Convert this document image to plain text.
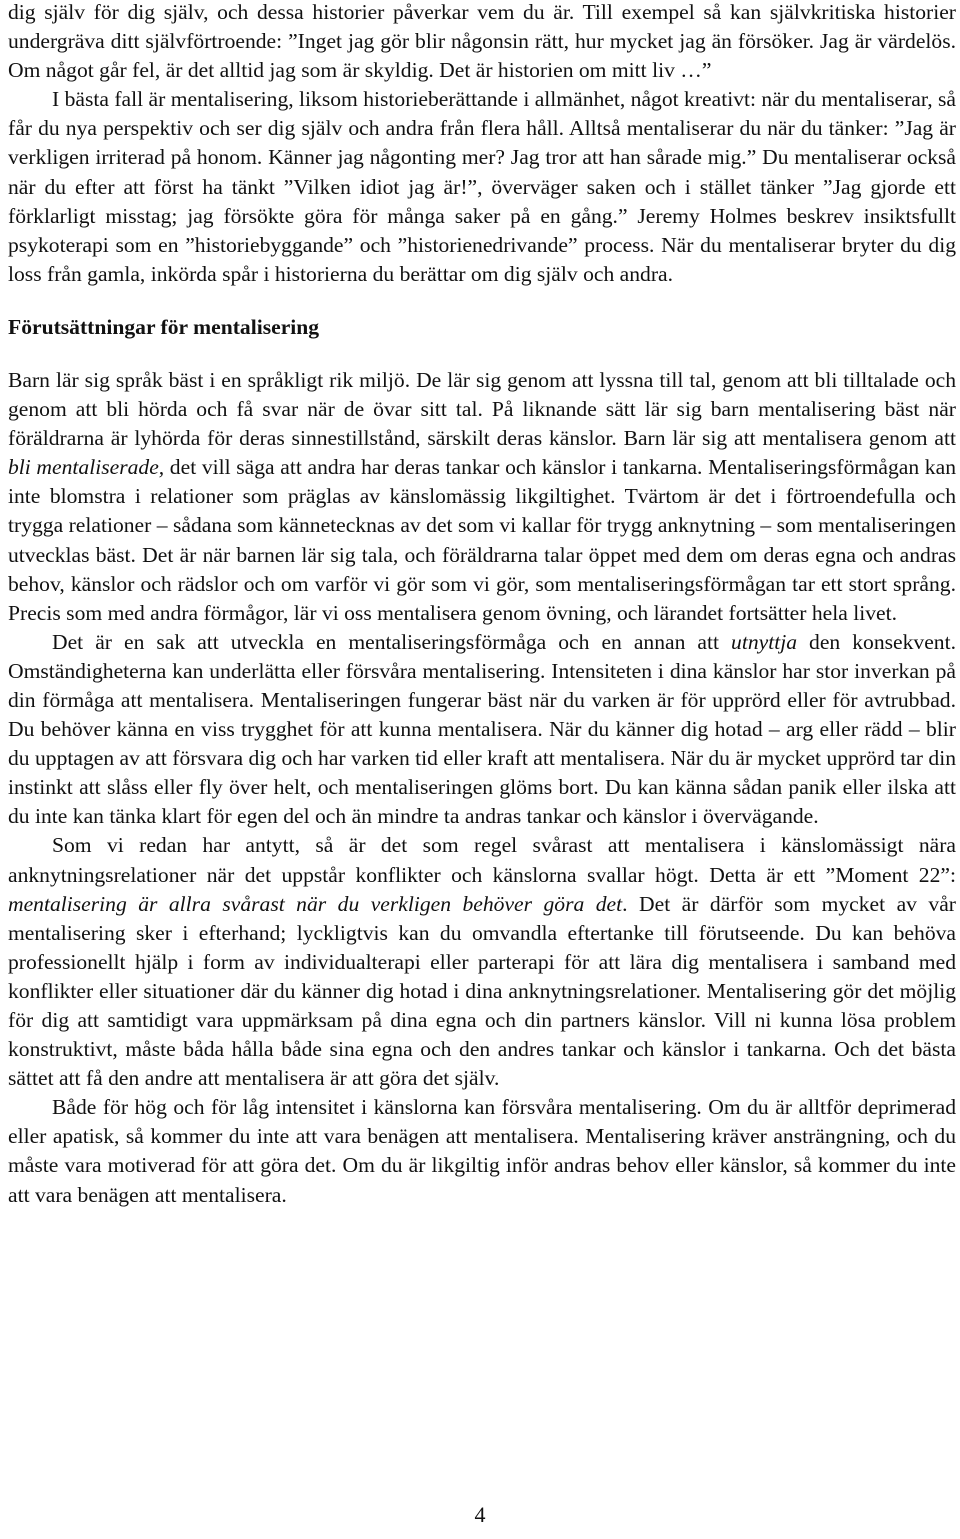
dig själv för dig själv, och dessa historier påverkar vem du är. Till exempel så kan självkritiska historier undergräva ditt självförtroende: ”Inget jag gör blir någonsin rätt, hur mycket jag än försöker. Jag är värdelös. Om något går fel, är det alltid jag som är skyldig. Det är historien om mitt liv …”

I bästa fall är mentalisering, liksom historieberättande i allmänhet, något kreativt: när du mentaliserar, så får du nya perspektiv och ser dig själv och andra från flera håll. Alltså mentaliserar du när du tänker: ”Jag är verkligen irriterad på honom. Känner jag någonting mer? Jag tror att han sårade mig.” Du mentaliserar också när du efter att först ha tänkt ”Vilken idiot jag är!”, överväger saken och i stället tänker ”Jag gjorde ett förklarligt misstag; jag försökte göra för många saker på en gång.” Jeremy Holmes beskrev insiktsfullt psykoterapi som en ”historiebyggande” och ”historienedrivande” process. När du mentaliserar bryter du dig loss från gamla, inkörda spår i historierna du berättar om dig själv och andra.

Förutsättningar för mentalisering

Barn lär sig språk bäst i en språkligt rik miljö. De lär sig genom att lyssna till tal, genom att bli tilltalade och genom att bli hörda och få svar när de övar sitt tal. På liknande sätt lär sig barn mentalisering bäst när föräldrarna är lyhörda för deras sinnestillstånd, särskilt deras känslor. Barn lär sig att mentalisera genom att bli mentaliserade, det vill säga att andra har deras tankar och känslor i tankarna. Mentaliseringsförmågan kan inte blomstra i relationer som präglas av känslomässig likgiltighet. Tvärtom är det i förtroendefulla och trygga relationer – sådana som kännetecknas av det som vi kallar för trygg anknytning – som mentaliseringen utvecklas bäst. Det är när barnen lär sig tala, och föräldrarna talar öppet med dem om deras egna och andras behov, känslor och rädslor och om varför vi gör som vi gör, som mentaliseringsförmågan tar ett stort språng. Precis som med andra förmågor, lär vi oss mentalisera genom övning, och lärandet fortsätter hela livet.

Det är en sak att utveckla en mentaliseringsförmåga och en annan att utnyttja den konsekvent. Omständigheterna kan underlätta eller försvåra mentalisering. Intensiteten i dina känslor har stor inverkan på din förmåga att mentalisera. Mentaliseringen fungerar bäst när du varken är för upprörd eller för avtrubbad. Du behöver känna en viss trygghet för att kunna mentalisera. När du känner dig hotad – arg eller rädd – blir du upptagen av att försvara dig och har varken tid eller kraft att mentalisera. När du är mycket upprörd tar din instinkt att slåss eller fly över helt, och mentaliseringen glöms bort. Du kan känna sådan panik eller ilska att du inte kan tänka klart för egen del och än mindre ta andras tankar och känslor i övervägande.

Som vi redan har antytt, så är det som regel svårast att mentalisera i känslomässigt nära anknytningsrelationer när det uppstår konflikter och känslorna svallar högt. Detta är ett ”Moment 22”: mentalisering är allra svårast när du verkligen behöver göra det. Det är därför som mycket av vår mentalisering sker i efterhand; lyckligtvis kan du omvandla eftertanke till förutseende. Du kan behöva professionellt hjälp i form av individualterapi eller parterapi för att lära dig mentalisera i samband med konflikter eller situationer där du känner dig hotad i dina anknytningsrelationer. Mentalisering gör det möjlig för dig att samtidigt vara uppmärksam på dina egna och din partners känslor. Vill ni kunna lösa problem konstruktivt, måste båda hålla både sina egna och den andres tankar och känslor i tankarna. Och det bästa sättet att få den andre att mentalisera är att göra det själv.

Både för hög och för låg intensitet i känslorna kan försvåra mentalisering. Om du är alltför deprimerad eller apatisk, så kommer du inte att vara benägen att mentalisera. Mentalisering kräver ansträngning, och du måste vara motiverad för att göra det. Om du är likgiltig inför andras behov eller känslor, så kommer du inte att vara benägen att mentalisera.

4
